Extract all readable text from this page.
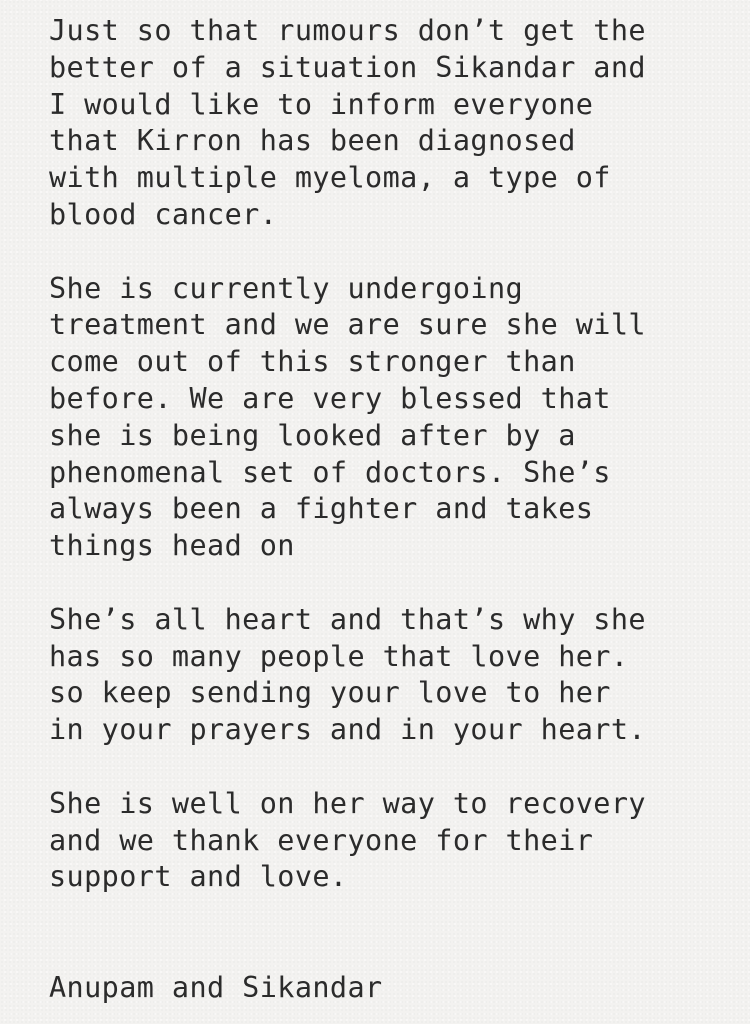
Just so that rumours don’t get the
better of a situation Sikandar and
I would like to inform everyone
that Kirron has been diagnosed
with multiple myeloma, a type of
blood cancer.

She is currently undergoing
treatment and we are sure she will
come out of this stronger than
before. We are very blessed that
she is being looked after by a
phenomenal set of doctors. She’s
always been a fighter and takes
things head on

She’s all heart and that’s why she
has so many people that love her.
so keep sending your love to her
in your prayers and in your heart.

She is well on her way to recovery
and we thank everyone for their
support and love.

Anupam and Sikandar
